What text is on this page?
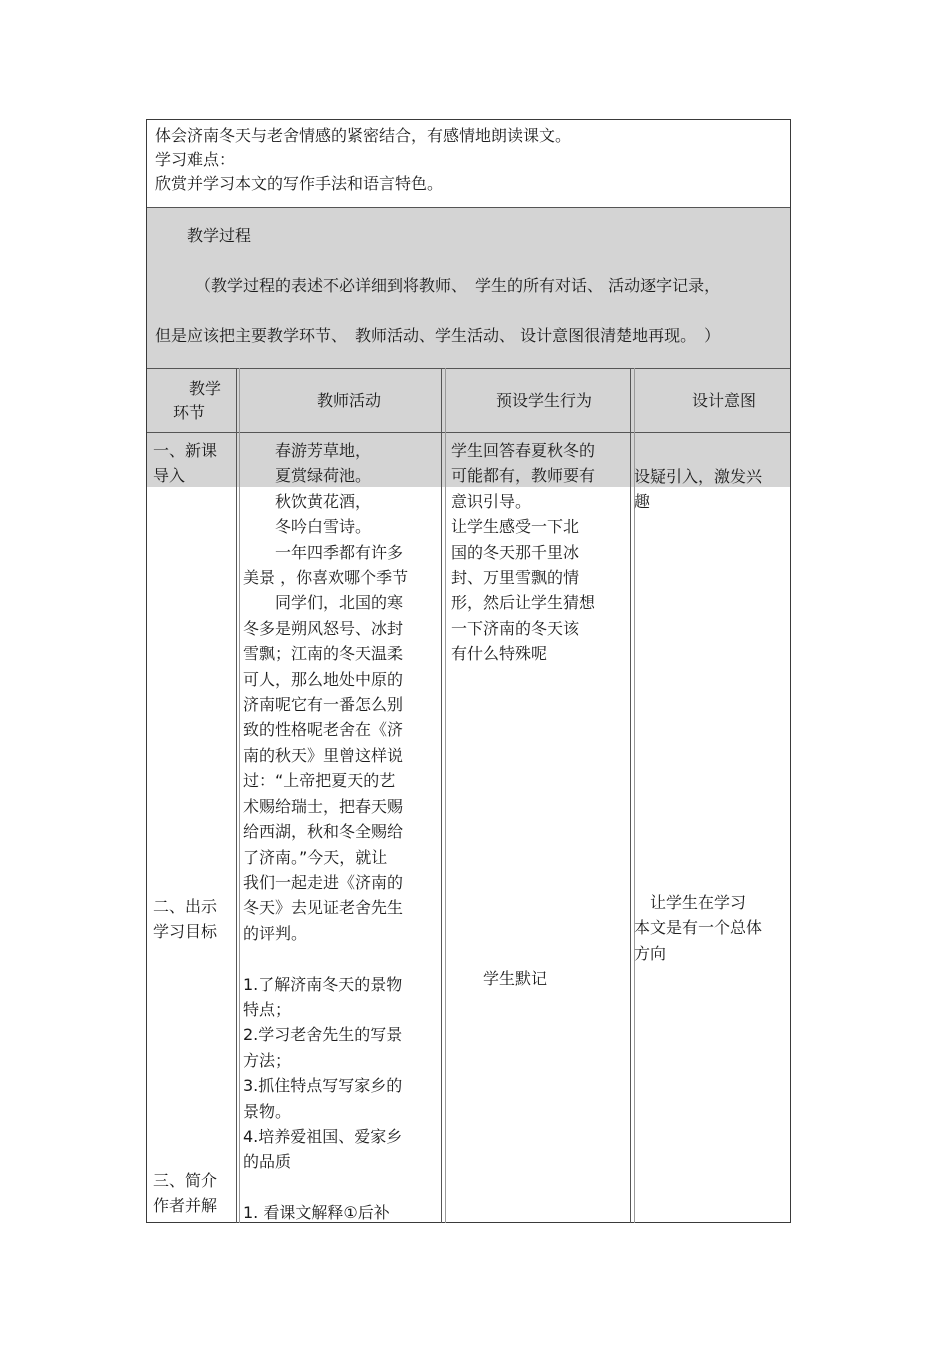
体会济南冬天与老舍情感的紧密结合，有感情地朗读课文。
学习难点：
欣赏并学习本文的写作手法和语言特色。
教学过程
（教学过程的表述不必详细到将教师、　学生的所有对话、 活动逐字记录，
但是应该把主要教学环节、　教师活动、学生活动、 设计意图很清楚地再现。　）
教学
环节
教师活动	预设学生行为	设计意图
一、新课
导入
二、出示
学习目标
三、简介
作者并解
　　春游芳草地，
　　夏赏绿荷池。
　　秋饮黄花酒，
　　冬吟白雪诗。
　　一年四季都有许多
美景 ，你喜欢哪个季节
　　同学们，北国的寒
冬多是朔风怒号、冰封
雪飘；江南的冬天温柔
可人，那么地处中原的
济南呢它有一番怎么别
致的性格呢老舍在《济
南的秋天》里曾这样说
过：“上帝把夏天的艺
术赐给瑞士，把春天赐
给西湖，秋和冬全赐给
了济南。”今天，就让
我们一起走进《济南的
冬天》去见证老舍先生
的评判。

1.了解济南冬天的景物
特点；
2.学习老舍先生的写景
方法；
3.抓住特点写写家乡的
景物。
4.培养爱祖国、爱家乡
的品质

1. 看课文解释①后补
学生回答春夏秋冬的
可能都有，教师要有
意识引导。
让学生感受一下北
国的冬天那千里冰
封、万里雪飘的情
形，然后让学生猜想
一下济南的冬天该
有什么特殊呢
学生默记
设疑引入，激发兴
趣
　让学生在学习
本文是有一个总体
方向
